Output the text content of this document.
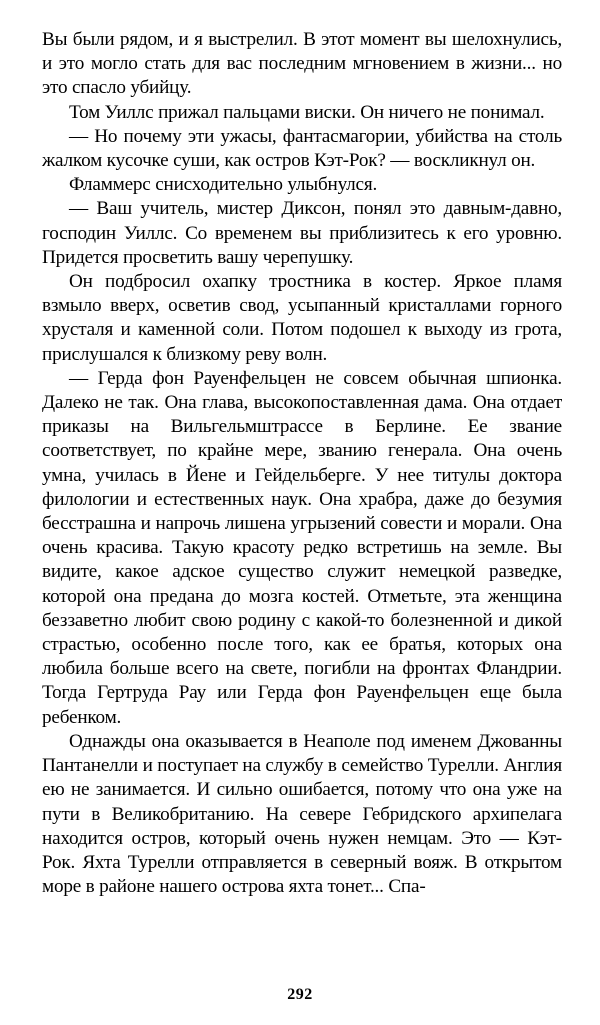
Вы были рядом, и я выстрелил. В этот момент вы шелохнулись, и это могло стать для вас последним мгновением в жизни... но это спасло убийцу.

Том Уиллс прижал пальцами виски. Он ничего не понимал.

— Но почему эти ужасы, фантасмагории, убийства на столь жалком кусочке суши, как остров Кэт-Рок? — воскликнул он.

Фламмерс снисходительно улыбнулся.

— Ваш учитель, мистер Диксон, понял это давным-давно, господин Уиллс. Со временем вы приблизитесь к его уровню. Придется просветить вашу черепушку.

Он подбросил охапку тростника в костер. Яркое пламя взмыло вверх, осветив свод, усыпанный кристаллами горного хрусталя и каменной соли. Потом подошел к выходу из грота, прислушался к близкому реву волн.

— Герда фон Рауенфельцен не совсем обычная шпионка. Далеко не так. Она глава, высокопоставленная дама. Она отдает приказы на Вильгельмштрассе в Берлине. Ее звание соответствует, по крайне мере, званию генерала. Она очень умна, училась в Йене и Гейдельберге. У нее титулы доктора филологии и естественных наук. Она храбра, даже до безумия бесстрашна и напрочь лишена угрызений совести и морали. Она очень красива. Такую красоту редко встретишь на земле. Вы видите, какое адское существо служит немецкой разведке, которой она предана до мозга костей. Отметьте, эта женщина беззаветно любит свою родину с какой-то болезненной и дикой страстью, особенно после того, как ее братья, которых она любила больше всего на свете, погибли на фронтах Фландрии. Тогда Гертруда Рау или Герда фон Рауенфельцен еще была ребенком.

Однажды она оказывается в Неаполе под именем Джованны Пантанелли и поступает на службу в семейство Турелли. Англия ею не занимается. И сильно ошибается, потому что она уже на пути в Великобританию. На севере Гебридского архипелага находится остров, который очень нужен немцам. Это — Кэт-Рок. Яхта Турелли отправляется в северный вояж. В открытом море в районе нашего острова яхта тонет... Спа-

292
